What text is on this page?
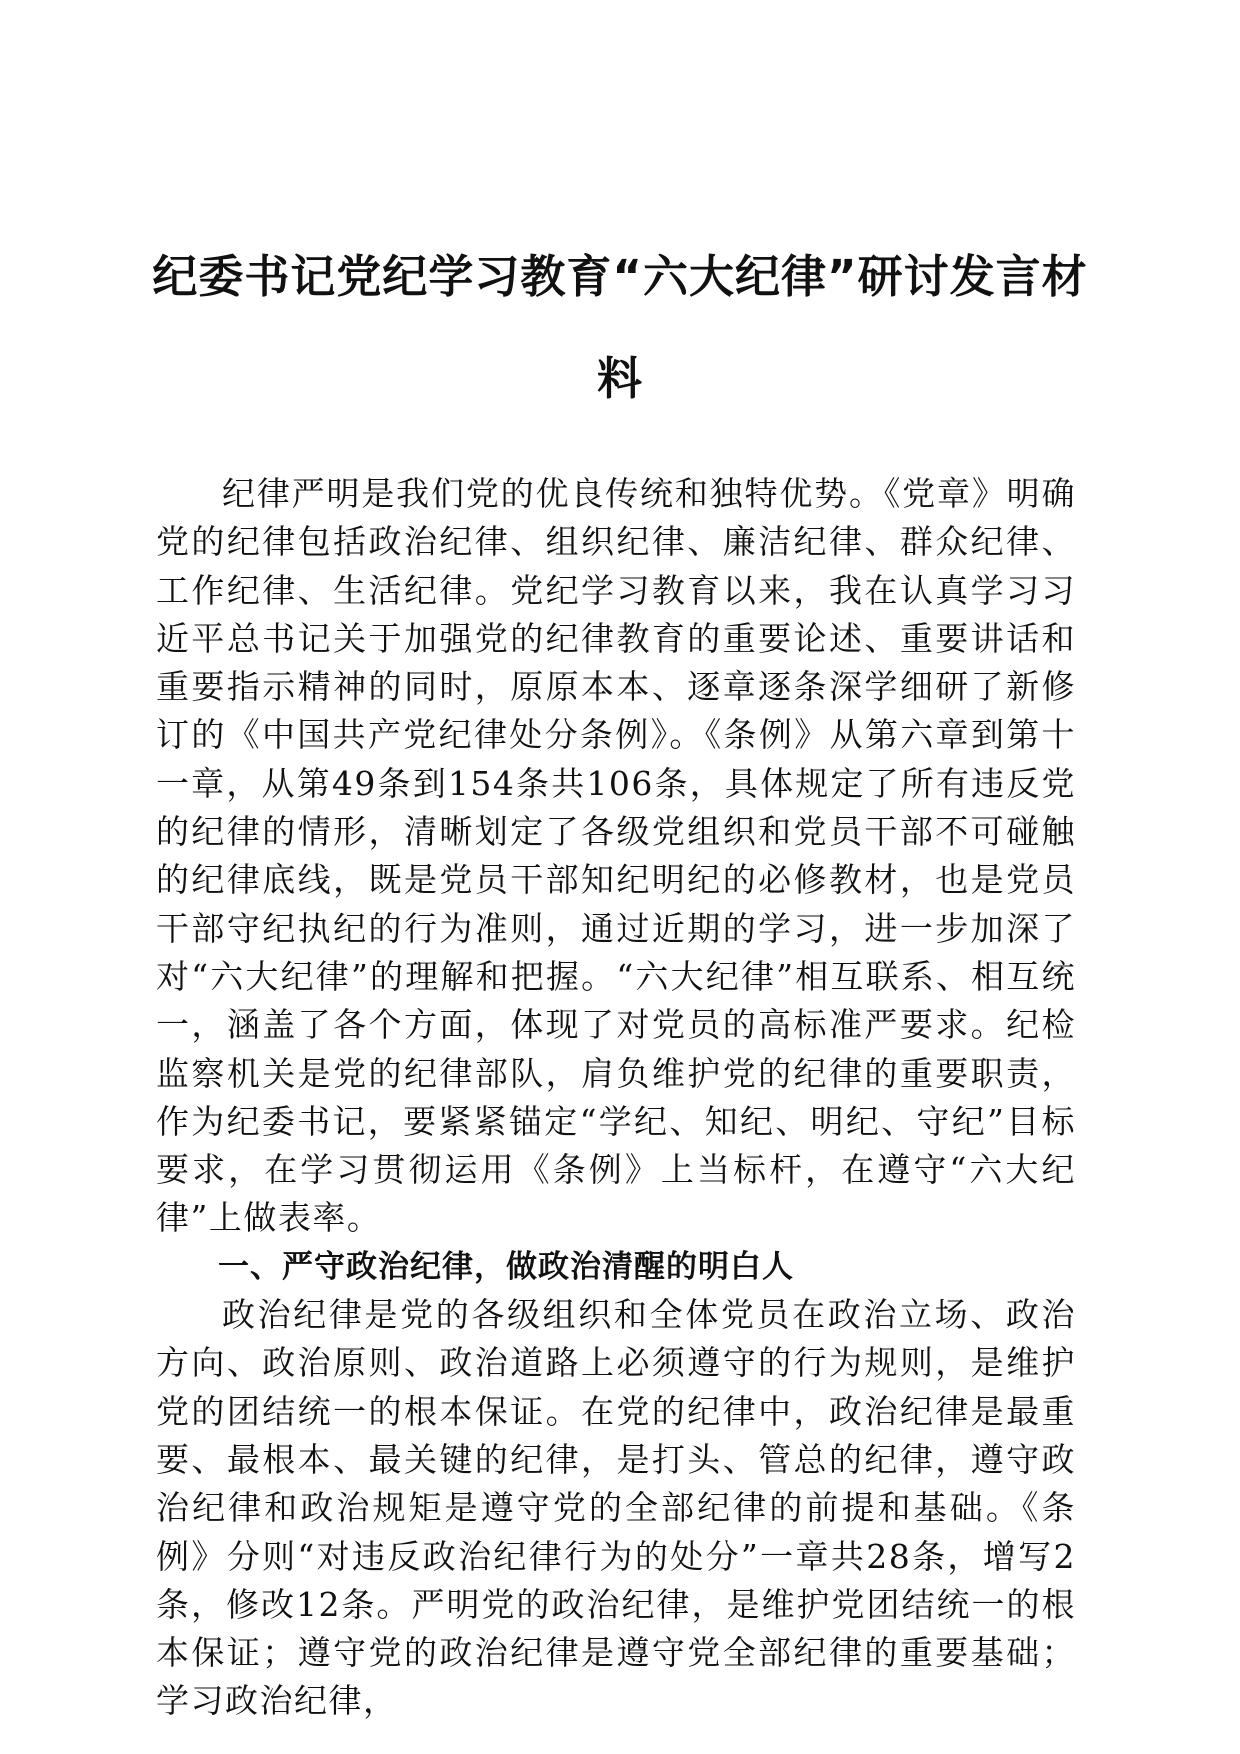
纪委书记党纪学习教育“六大纪律”研讨发言材料

纪律严明是我们党的优良传统和独特优势。《党章》明确党的纪律包括政治纪律、组织纪律、廉洁纪律、群众纪律、工作纪律、生活纪律。党纪学习教育以来，我在认真学习习近平总书记关于加强党的纪律教育的重要论述、重要讲话和重要指示精神的同时，原原本本、逐章逐条深学细研了新修订的《中国共产党纪律处分条例》。《条例》从第六章到第十一章，从第49条到154条共106条，具体规定了所有违反党的纪律的情形，清晰划定了各级党组织和党员干部不可碰触的纪律底线，既是党员干部知纪明纪的必修教材，也是党员干部守纪执纪的行为准则，通过近期的学习，进一步加深了对“六大纪律”的理解和把握。“六大纪律”相互联系、相互统一，涵盖了各个方面，体现了对党员的高标准严要求。纪检监察机关是党的纪律部队，肩负维护党的纪律的重要职责，作为纪委书记，要紧紧锚定“学纪、知纪、明纪、守纪”目标要求，在学习贯彻运用《条例》上当标杆，在遵守“六大纪律”上做表率。

一、严守政治纪律，做政治清醒的明白人

政治纪律是党的各级组织和全体党员在政治立场、政治方向、政治原则、政治道路上必须遵守的行为规则，是维护党的团结统一的根本保证。在党的纪律中，政治纪律是最重要、最根本、最关键的纪律，是打头、管总的纪律，遵守政治纪律和政治规矩是遵守党的全部纪律的前提和基础。《条例》分则“对违反政治纪律行为的处分”一章共28条，增写2条，修改12条。严明党的政治纪律，是维护党团结统一的根本保证；遵守党的政治纪律是遵守党全部纪律的重要基础；学习政治纪律，
